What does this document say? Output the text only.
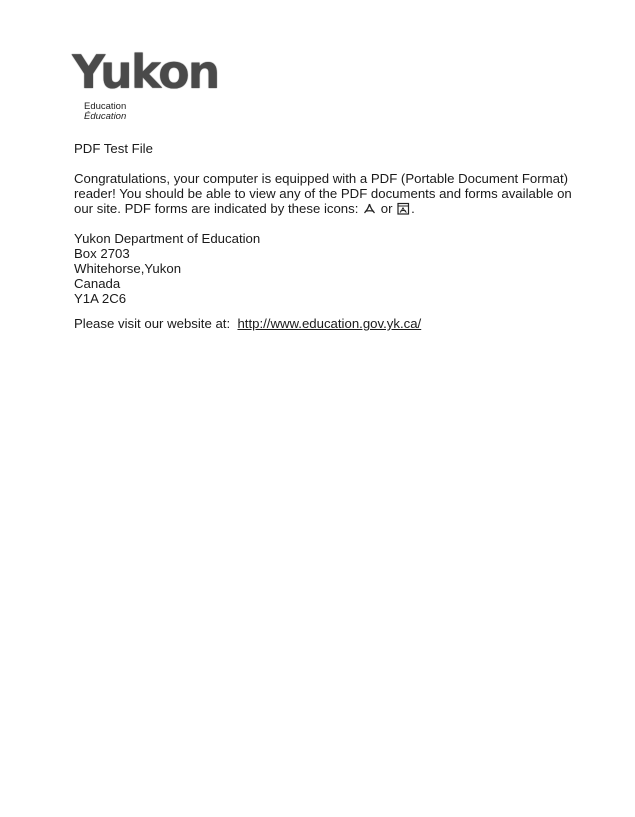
Yukon
Education
Éducation
PDF Test File
Congratulations, your computer is equipped with a PDF (Portable Document Format)
reader! You should be able to view any of the PDF documents and forms available on
our site. PDF forms are indicated by these icons: or .
Yukon Department of Education
Box 2703
Whitehorse,Yukon
Canada
Y1A 2C6
Please visit our website at: http://www.education.gov.yk.ca/
